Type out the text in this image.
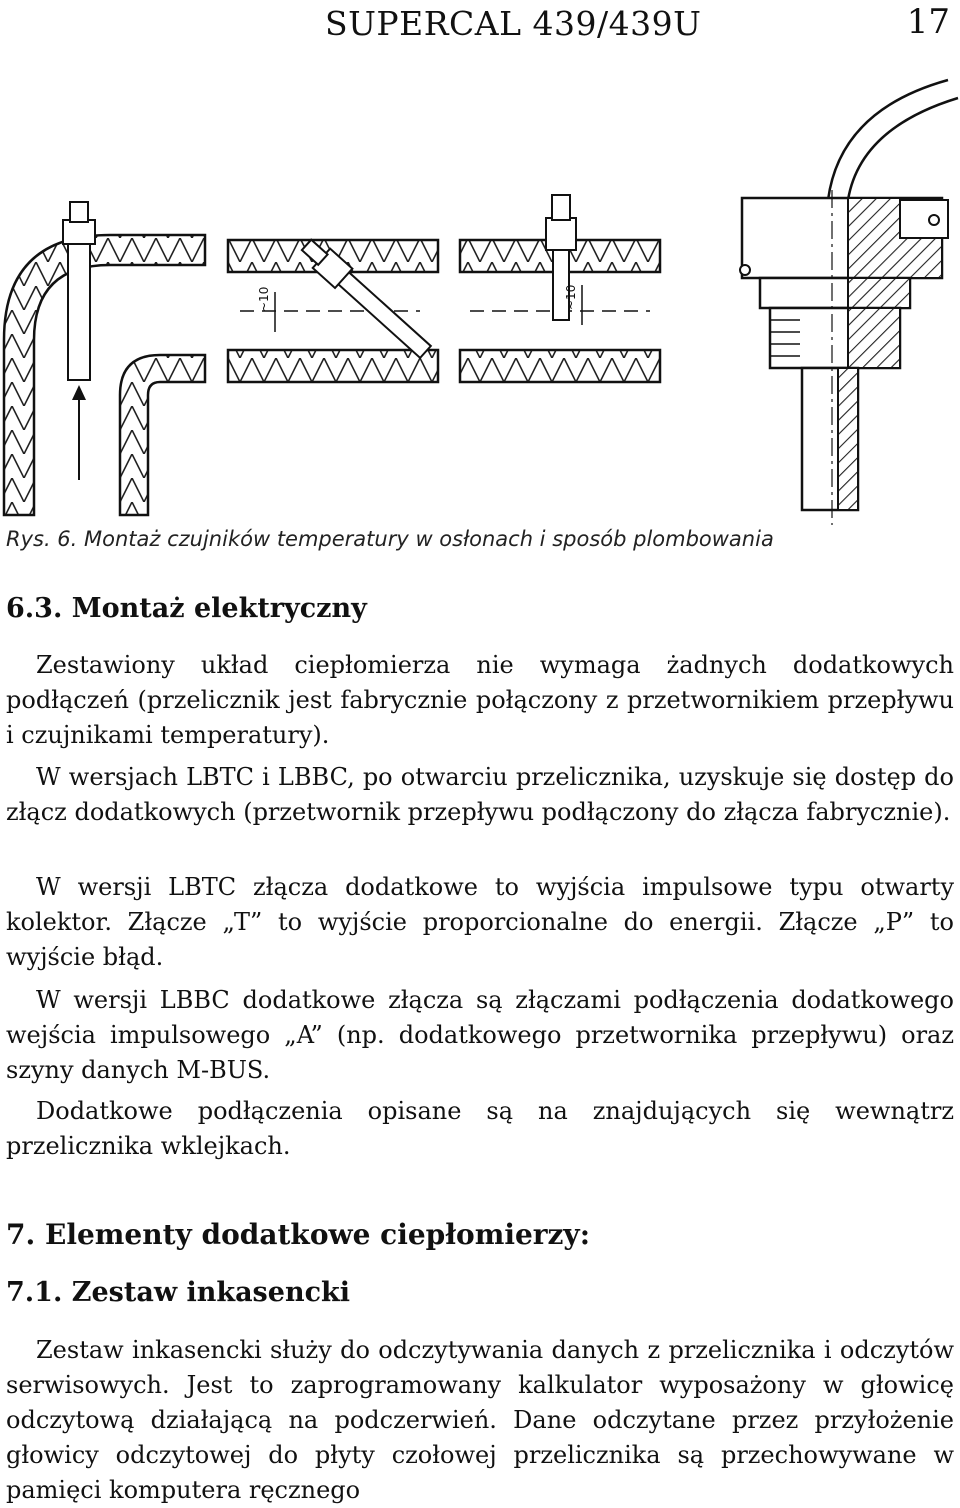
SUPERCAL 439/439U	17
~10	~10
Rys. 6. Montaż czujników temperatury w osłonach i sposób plombowania
6.3. Montaż elektryczny

Zestawiony układ ciepłomierza nie wymaga żadnych dodatkowych podłączeń (przelicznik jest fabrycznie połączony z przetwornikiem przepływu i czujnikami temperatury).

W wersjach LBTC i LBBC, po otwarciu przelicznika, uzyskuje się dostęp do złącz dodatkowych (przetwornik przepływu podłączony do złącza fabrycznie).

W wersji LBTC złącza dodatkowe to wyjścia impulsowe typu otwarty kolektor. Złącze „T” to wyjście proporcionalne do energii. Złącze „P” to wyjście błąd.

W wersji LBBC dodatkowe złącza są złączami podłączenia dodatkowego wejścia impulsowego „A” (np. dodatkowego przetwornika przepływu) oraz szyny danych M-BUS.

Dodatkowe podłączenia opisane są na znajdujących się wewnątrz przelicznika wklejkach.

7. Elementy dodatkowe ciepłomierzy:
7.1. Zestaw inkasencki

Zestaw inkasencki służy do odczytywania danych z przelicznika i odczytów serwisowych. Jest to zaprogramowany kalkulator wyposażony w głowicę odczytową działającą na podczerwień. Dane odczytane przez przyłożenie głowicy odczytowej do płyty czołowej przelicznika są przechowywane w pamięci komputera ręcznego
